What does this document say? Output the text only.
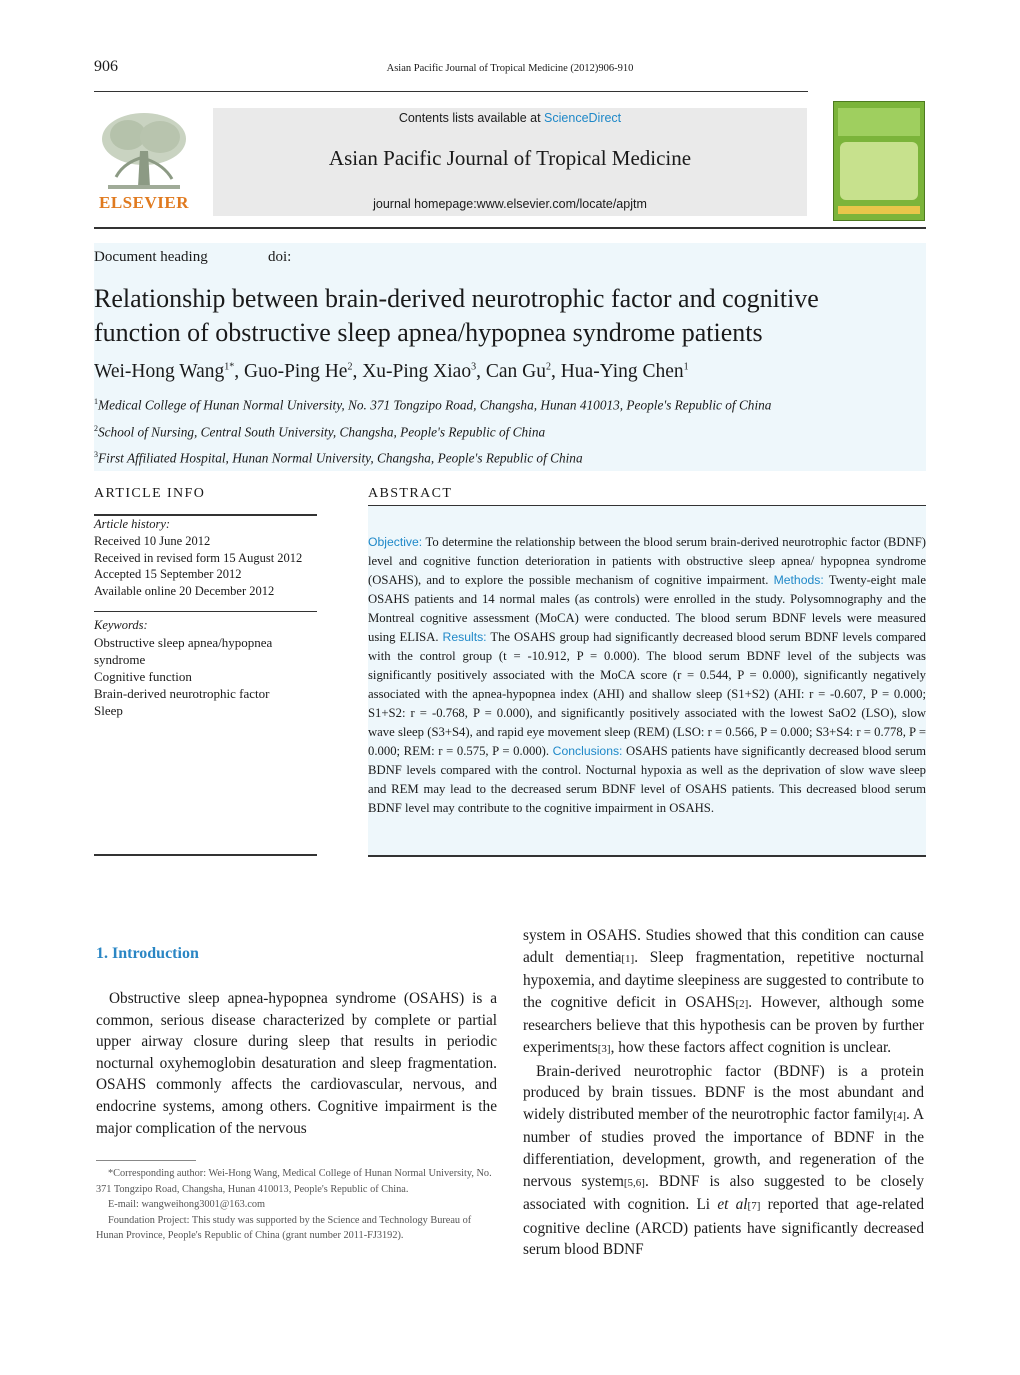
906	Asian Pacific Journal of Tropical Medicine (2012)906-910
ELSEVIER
Contents lists available at ScienceDirect
Asian Pacific Journal of Tropical Medicine
journal homepage:www.elsevier.com/locate/apjtm
Document heading	doi:
Relationship between brain-derived neurotrophic factor and cognitive
function of obstructive sleep apnea/hypopnea syndrome patients
Wei-Hong Wang$^{1*}$, Guo-Ping He$^2$, Xu-Ping Xiao$^3$, Can Gu$^2$, Hua-Ying Chen$^1$
$^1$Medical College of Hunan Normal University, No. 371 Tongzipo Road, Changsha, Hunan 410013, People's Republic of China
$^2$School of Nursing, Central South University, Changsha, People's Republic of China
$^3$First Affiliated Hospital, Hunan Normal University, Changsha, People's Republic of China
ARTICLE INFO
Article history:
Received 10 June 2012
Received in revised form 15 August 2012
Accepted 15 September 2012
Available online 20 December 2012
Keywords:
Obstructive sleep apnea/hypopnea
syndrome
Cognitive function
Brain-derived neurotrophic factor
Sleep
ABSTRACT
Objective: To determine the relationship between the blood serum brain-derived neurotrophic factor (BDNF) level and cognitive function deterioration in patients with obstructive sleep apnea/ hypopnea syndrome (OSAHS), and to explore the possible mechanism of cognitive impairment. Methods: Twenty-eight male OSAHS patients and 14 normal males (as controls) were enrolled in the study. Polysomnography and the Montreal cognitive assessment (MoCA) were conducted. The blood serum BDNF levels were measured using ELISA. Results: The OSAHS group had significantly decreased blood serum BDNF levels compared with the control group (t = -10.912, P = 0.000). The blood serum BDNF level of the subjects was significantly positively associated with the MoCA score (r = 0.544, P = 0.000), significantly negatively associated with the apnea-hypopnea index (AHI) and shallow sleep (S1+S2) (AHI: r = -0.607, P = 0.000; S1+S2: r = -0.768, P = 0.000), and significantly positively associated with the lowest SaO2 (LSO), slow wave sleep (S3+S4), and rapid eye movement sleep (REM) (LSO: r = 0.566, P = 0.000; S3+S4: r = 0.778, P = 0.000; REM: r = 0.575, P = 0.000). Conclusions: OSAHS patients have significantly decreased blood serum BDNF levels compared with the control. Nocturnal hypoxia as well as the deprivation of slow wave sleep and REM may lead to the decreased serum BDNF level of OSAHS patients. This decreased blood serum BDNF level may contribute to the cognitive impairment in OSAHS.
1. Introduction

Obstructive sleep apnea-hypopnea syndrome (OSAHS) is a common, serious disease characterized by complete or partial upper airway closure during sleep that results in periodic nocturnal oxyhemoglobin desaturation and sleep fragmentation. OSAHS commonly affects the cardiovascular, nervous, and endocrine systems, among others. Cognitive impairment is the major complication of the nervous

system in OSAHS. Studies showed that this condition can cause adult dementia[1]. Sleep fragmentation, repetitive nocturnal hypoxemia, and daytime sleepiness are suggested to contribute to the cognitive deficit in OSAHS[2]. However, although some researchers believe that this hypothesis can be proven by further experiments[3], how these factors affect cognition is unclear.

Brain-derived neurotrophic factor (BDNF) is a protein produced by brain tissues. BDNF is the most abundant and widely distributed member of the neurotrophic factor family[4]. A number of studies proved the importance of BDNF in the differentiation, development, growth, and regeneration of the nervous system[5,6]. BDNF is also suggested to be closely associated with cognition. Li et al[7] reported that age-related cognitive decline (ARCD) patients have significantly decreased serum blood BDNF

*Corresponding author: Wei-Hong Wang, Medical College of Hunan Normal University, No. 371 Tongzipo Road, Changsha, Hunan 410013, People's Republic of China.

E-mail: wangweihong3001@163.com

Foundation Project: This study was supported by the Science and Technology Bureau of Hunan Province, People's Republic of China (grant number 2011-FJ3192).
